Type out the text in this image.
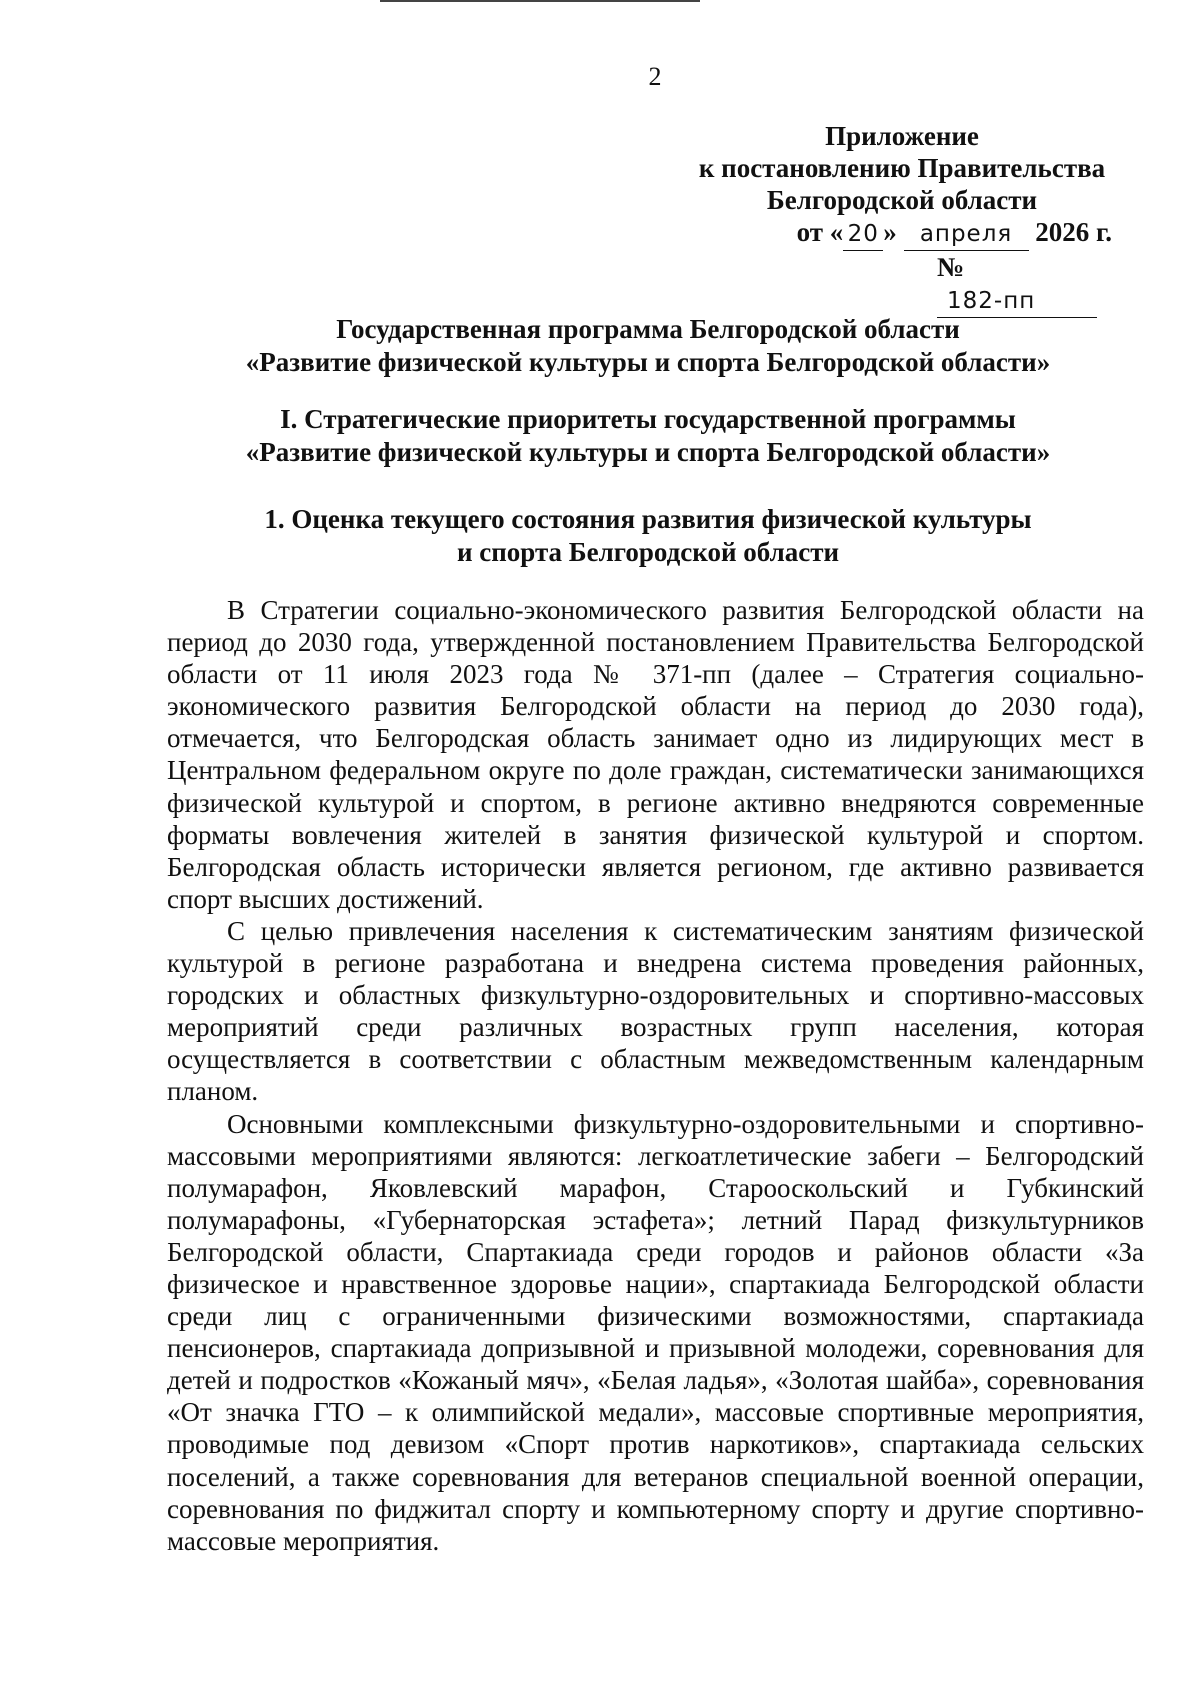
2
Приложение
к постановлению Правительства
Белгородской области
от « 20 » апреля 2026 г.
№ 182-пп
Государственная программа Белгородской области
«Развитие физической культуры и спорта Белгородской области»
I. Стратегические приоритеты государственной программы
«Развитие физической культуры и спорта Белгородской области»
1. Оценка текущего состояния развития физической культуры
и спорта Белгородской области

В Стратегии социально-экономического развития Белгородской области на период до 2030 года, утвержденной постановлением Правительства Белгородской области от 11 июля 2023 года № 371-пп (далее – Стратегия социально-экономического развития Белгородской области на период до 2030 года), отмечается, что Белгородская область занимает одно из лидирующих мест в Центральном федеральном округе по доле граждан, систематически занимающихся физической культурой и спортом, в регионе активно внедряются современные форматы вовлечения жителей в занятия физической культурой и спортом. Белгородская область исторически является регионом, где активно развивается спорт высших достижений.

С целью привлечения населения к систематическим занятиям физической культурой в регионе разработана и внедрена система проведения районных, городских и областных физкультурно-оздоровительных и спортивно-массовых мероприятий среди различных возрастных групп населения, которая осуществляется в соответствии с областным межведомственным календарным планом.

Основными комплексными физкультурно-оздоровительными и спортивно-массовыми мероприятиями являются: легкоатлетические забеги – Белгородский полумарафон, Яковлевский марафон, Старооскольский и Губкинский полумарафоны, «Губернаторская эстафета»; летний Парад физкультурников Белгородской области, Спартакиада среди городов и районов области «За физическое и нравственное здоровье нации», спартакиада Белгородской области среди лиц с ограниченными физическими возможностями, спартакиада пенсионеров, спартакиада допризывной и призывной молодежи, соревнования для детей и подростков «Кожаный мяч», «Белая ладья», «Золотая шайба», соревнования «От значка ГТО – к олимпийской медали», массовые спортивные мероприятия, проводимые под девизом «Спорт против наркотиков», спартакиада сельских поселений, а также соревнования для ветеранов специальной военной операции, соревнования по фиджитал спорту и компьютерному спорту и другие спортивно-массовые мероприятия.
